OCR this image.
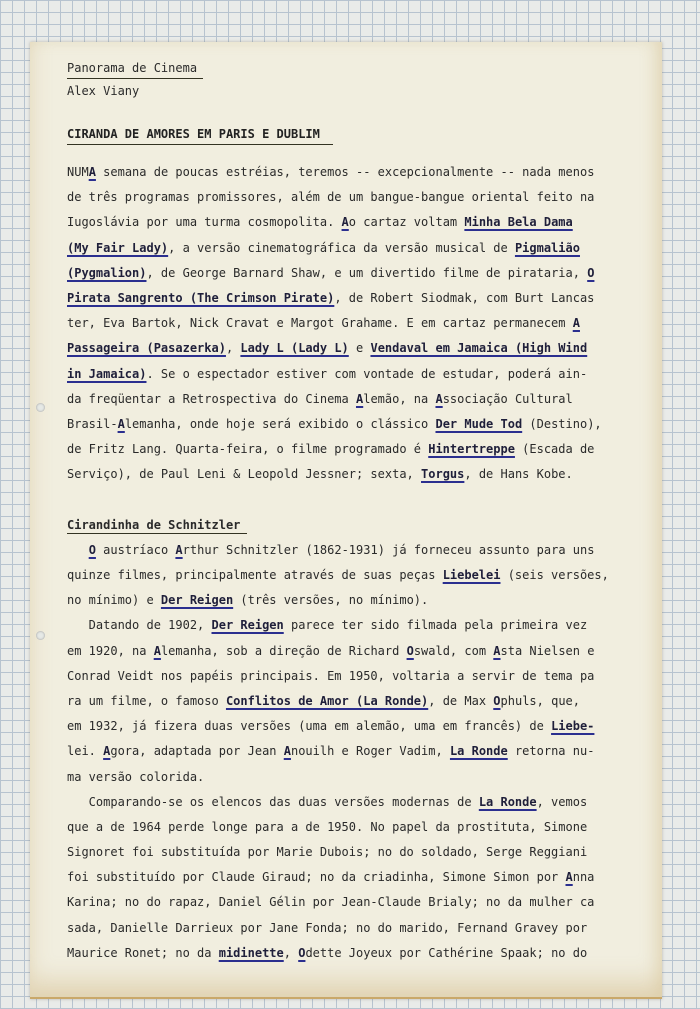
Panorama de Cinema
Alex Viany
CIRANDA DE AMORES EM PARIS E DUBLIM
NUMA semana de poucas estréias, teremos -- excepcionalmente -- nada menos
de três programas promissores, além de um bangue-bangue oriental feito na
Iugoslávia por uma turma cosmopolita. Ao cartaz voltam Minha Bela Dama
(My Fair Lady), a versão cinematográfica da versão musical de Pigmalião
(Pygmalion), de George Barnard Shaw, e um divertido filme de pirataria, O
Pirata Sangrento (The Crimson Pirate), de Robert Siodmak, com Burt Lancas
ter, Eva Bartok, Nick Cravat e Margot Grahame. E em cartaz permanecem A
Passageira (Pasazerka), Lady L (Lady L) e Vendaval em Jamaica (High Wind
in Jamaica). Se o espectador estiver com vontade de estudar, poderá ain-
da freqüentar a Retrospectiva do Cinema Alemão, na Associação Cultural
Brasil-Alemanha, onde hoje será exibido o clássico Der Mude Tod (Destino),
de Fritz Lang. Quarta-feira, o filme programado é Hintertreppe (Escada de
Serviço), de Paul Leni & Leopold Jessner; sexta, Torgus, de Hans Kobe.
Cirandinha de Schnitzler
O austríaco Arthur Schnitzler (1862-1931) já forneceu assunto para uns
quinze filmes, principalmente através de suas peças Liebelei (seis versões,
no mínimo) e Der Reigen (três versões, no mínimo).
Datando de 1902, Der Reigen parece ter sido filmada pela primeira vez
em 1920, na Alemanha, sob a direção de Richard Oswald, com Asta Nielsen e
Conrad Veidt nos papéis principais. Em 1950, voltaria a servir de tema pa
ra um filme, o famoso Conflitos de Amor (La Ronde), de Max Ophuls, que,
em 1932, já fizera duas versões (uma em alemão, uma em francês) de Liebe-
lei. Agora, adaptada por Jean Anouilh e Roger Vadim, La Ronde retorna nu-
ma versão colorida.
Comparando-se os elencos das duas versões modernas de La Ronde, vemos
que a de 1964 perde longe para a de 1950. No papel da prostituta, Simone
Signoret foi substituída por Marie Dubois; no do soldado, Serge Reggiani
foi substituído por Claude Giraud; no da criadinha, Simone Simon por Anna
Karina; no do rapaz, Daniel Gélin por Jean-Claude Brialy; no da mulher ca
sada, Danielle Darrieux por Jane Fonda; no do marido, Fernand Gravey por
Maurice Ronet; no da midinette, Odette Joyeux por Cathérine Spaak; no do
